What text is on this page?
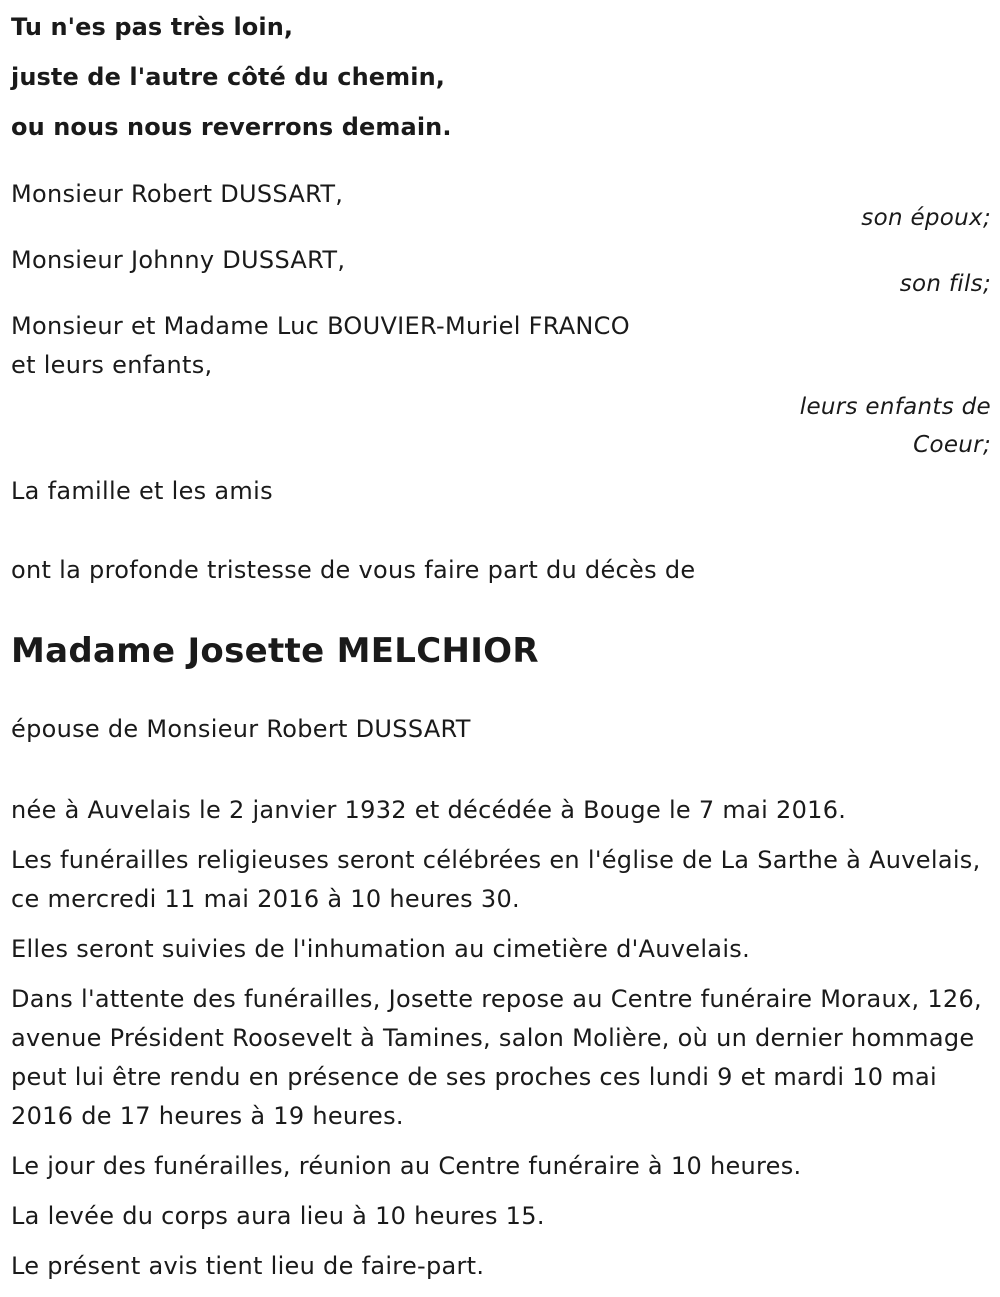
Tu n'es pas très loin,
juste de l'autre côté du chemin,
ou nous nous reverrons demain.
Monsieur Robert DUSSART,
son époux;
Monsieur Johnny DUSSART,
son fils;
Monsieur et Madame Luc BOUVIER-Muriel FRANCO
et leurs enfants,
leurs enfants de
Coeur;
La famille et les amis
ont la profonde tristesse de vous faire part du décès de
Madame Josette MELCHIOR
épouse de Monsieur Robert DUSSART

née à Auvelais le 2 janvier 1932 et décédée à Bouge le 7 mai 2016.

Les funérailles religieuses seront célébrées en l'église de La Sarthe à Auvelais, ce mercredi 11 mai 2016 à 10 heures 30.

Elles seront suivies de l'inhumation au cimetière d'Auvelais.

Dans l'attente des funérailles, Josette repose au Centre funéraire Moraux, 126, avenue Président Roosevelt à Tamines, salon Molière, où un dernier hommage peut lui être rendu en présence de ses proches ces lundi 9 et mardi 10 mai 2016 de 17 heures à 19 heures.

Le jour des funérailles, réunion au Centre funéraire à 10 heures.

La levée du corps aura lieu à 10 heures 15.

Le présent avis tient lieu de faire-part.
